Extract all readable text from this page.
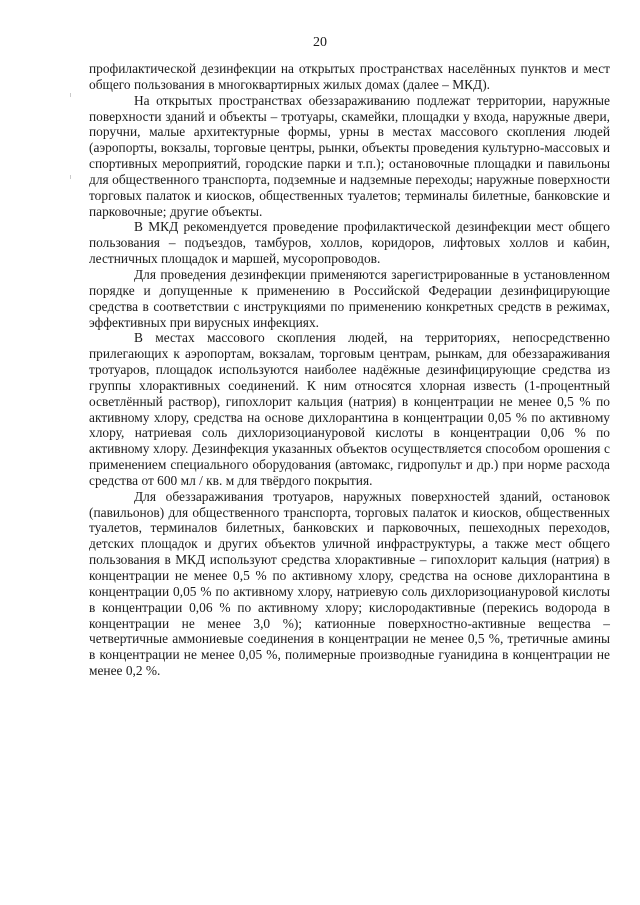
20

профилактической дезинфекции на открытых пространствах населённых пунктов и мест общего пользования в многоквартирных жилых домах (далее – МКД).

На открытых пространствах обеззараживанию подлежат территории, наружные поверхности зданий и объекты – тротуары, скамейки, площадки у входа, наружные двери, поручни, малые архитектурные формы, урны в местах массового скопления людей (аэропорты, вокзалы, торговые центры, рынки, объекты проведения культурно-массовых и спортивных мероприятий, городские парки и т.п.); остановочные площадки и павильоны для общественного транспорта, подземные и надземные переходы; наружные поверхности торговых палаток и киосков, общественных туалетов; терминалы билетные, банковские и парковочные; другие объекты.

В МКД рекомендуется проведение профилактической дезинфекции мест общего пользования – подъездов, тамбуров, холлов, коридоров, лифтовых холлов и кабин, лестничных площадок и маршей, мусоропроводов.

Для проведения дезинфекции применяются зарегистрированные в установленном порядке и допущенные к применению в Российской Федерации дезинфицирующие средства в соответствии с инструкциями по применению конкретных средств в режимах, эффективных при вирусных инфекциях.

В местах массового скопления людей, на территориях, непосредственно прилегающих к аэропортам, вокзалам, торговым центрам, рынкам, для обеззараживания тротуаров, площадок используются наиболее надёжные дезинфицирующие средства из группы хлорактивных соединений. К ним относятся хлорная известь (1-процентный осветлённый раствор), гипохлорит кальция (натрия) в концентрации не менее 0,5 % по активному хлору, средства на основе дихлорантина в концентрации 0,05 % по активному хлору, натриевая соль дихлоризоциануровой кислоты в концентрации 0,06 % по активному хлору. Дезинфекция указанных объектов осуществляется способом орошения с применением специального оборудования (автомакс, гидропульт и др.) при норме расхода средства от 600 мл / кв. м для твёрдого покрытия.

Для обеззараживания тротуаров, наружных поверхностей зданий, остановок (павильонов) для общественного транспорта, торговых палаток и киосков, общественных туалетов, терминалов билетных, банковских и парковочных, пешеходных переходов, детских площадок и других объектов уличной инфраструктуры, а также мест общего пользования в МКД используют средства хлорактивные – гипохлорит кальция (натрия) в концентрации не менее 0,5 % по активному хлору, средства на основе дихлорантина в концентрации 0,05 % по активному хлору, натриевую соль дихлоризоциануровой кислоты в концентрации 0,06 % по активному хлору; кислородактивные (перекись водорода в концентрации не менее 3,0 %); катионные поверхностно-активные вещества – четвертичные аммониевые соединения в концентрации не менее 0,5 %, третичные амины в концентрации не менее 0,05 %, полимерные производные гуанидина в концентрации не менее 0,2 %.
